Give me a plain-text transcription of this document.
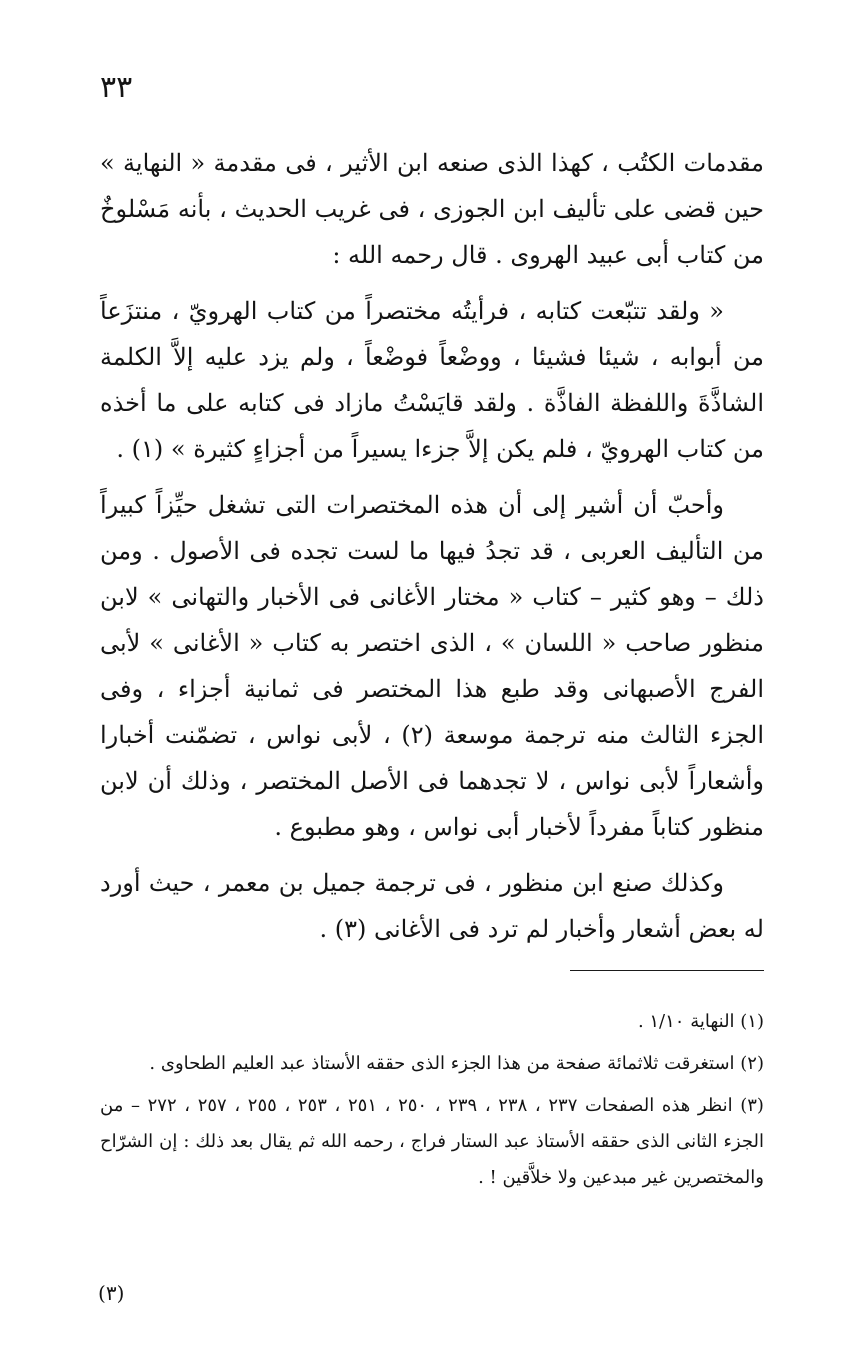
٣٣

مقدمات الكتُب ، كهذا الذى صنعه ابن الأثير ، فى مقدمة « النهاية » حين قضى على تأليف ابن الجوزى ، فى غريب الحديث ، بأنه مَسْلوخٌ من كتاب أبى عبيد الهروى . قال رحمه الله :

« ولقد تتبّعت كتابه ، فرأيتُه مختصراً من كتاب الهرويّ ، منتزَعاً من أبوابه ، شيئا فشيئا ، ووضْعاً فوضْعاً ، ولم يزد عليه إلاَّ الكلمة الشاذَّةَ واللفظة الفاذَّة . ولقد قايَسْتُ مازاد فى كتابه على ما أخذه من كتاب الهرويّ ، فلم يكن إلاَّ جزءا يسيراً من أجزاءٍ كثيرة » (١) .

وأحبّ أن أشير إلى أن هذه المختصرات التى تشغل حيِّزاً كبيراً من التأليف العربى ، قد تجدُ فيها ما لست تجده فى الأصول . ومن ذلك – وهو كثير – كتاب « مختار الأغانى فى الأخبار والتهانى » لابن منظور صاحب « اللسان » ، الذى اختصر به كتاب « الأغانى » لأبى الفرج الأصبهانى وقد طبع هذا المختصر فى ثمانية أجزاء ، وفى الجزء الثالث منه ترجمة موسعة (٢) ، لأبى نواس ، تضمّنت أخبارا وأشعاراً لأبى نواس ، لا تجدهما فى الأصل المختصر ، وذلك أن لابن منظور كتاباً مفرداً لأخبار أبى نواس ، وهو مطبوع .

وكذلك صنع ابن منظور ، فى ترجمة جميل بن معمر ، حيث أورد له بعض أشعار وأخبار لم ترد فى الأغانى (٣) .

(١) النهاية ١/١٠ .

(٢) استغرقت ثلاثمائة صفحة من هذا الجزء الذى حققه الأستاذ عبد العليم الطحاوى .

(٣) انظر هذه الصفحات ٢٣٧ ، ٢٣٨ ، ٢٣٩ ، ٢٥٠ ، ٢٥١ ، ٢٥٣ ، ٢٥٥ ، ٢٥٧ ، ٢٧٢ – من الجزء الثانى الذى حققه الأستاذ عبد الستار فراج ، رحمه الله ثم يقال بعد ذلك : إن الشرّاح والمختصرين غير مبدعين ولا خلاَّقين ! .

(٣)
